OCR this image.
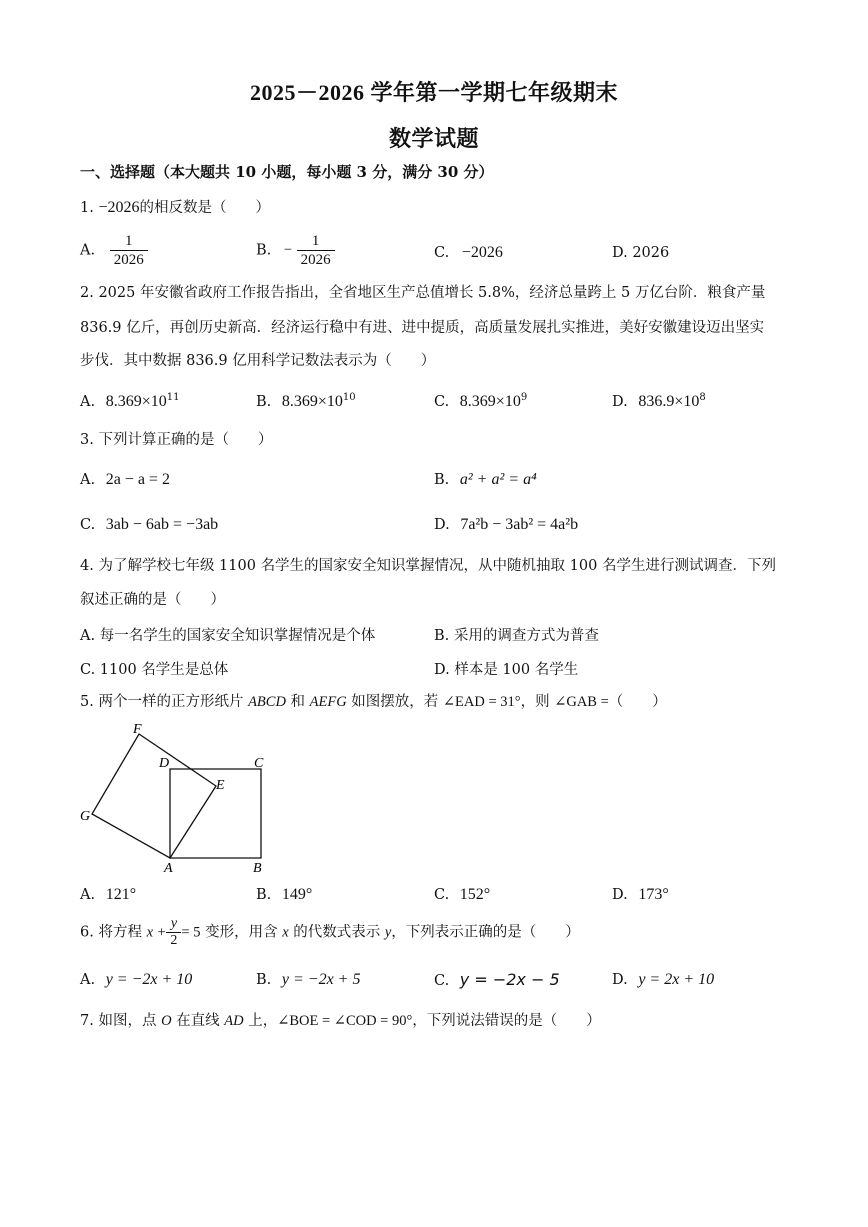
2025－2026 学年第一学期七年级期末
数学试题
一、选择题（本大题共 10 小题，每小题 3 分，满分 30 分）
1. −2026的相反数是（　　）
A. $\frac{1}{2026}$	B. − $\frac{1}{2026}$	C. −2026	D. 2026
2. 2025 年安徽省政府工作报告指出，全省地区生产总值增长 5.8%，经济总量跨上 5 万亿台阶．粮食产量
836.9 亿斤，再创历史新高．经济运行稳中有进、进中提质，高质量发展扎实推进，美好安徽建设迈出坚实
步伐．其中数据 836.9 亿用科学记数法表示为（　　）
A. $8.369\times 10^{11}$	B. $8.369\times 10^{10}$	C. $8.369\times 10^9$	D. $836.9\times 10^8$
3. 下列计算正确的是（　　）
A. 2a − a = 2	B. a² + a² = a⁴
C. 3ab − 6ab = −3ab	D. 7a²b − 3ab² = 4a²b
4. 为了解学校七年级 1100 名学生的国家安全知识掌握情况，从中随机抽取 100 名学生进行测试调查．下列
叙述正确的是（　　）
A. 每一名学生的国家安全知识掌握情况是个体	B. 采用的调查方式为普查
C. 1100 名学生是总体	D. 样本是 100 名学生
5. 两个一样的正方形纸片 ABCD 和 AEFG 如图摆放，若 ∠EAD = 31°，则 ∠GAB =（　　）
F
D	C
E
G
A	B
A. 121°	B. 149°	C. 152°	D. 173°
6. 将方程 $x + \frac{y}{2} = 5$ 变形，用含 x 的代数式表示 y，下列表示正确的是（　　）
A. y = −2x + 10	B. y = −2x + 5	C. y = −2x − 5	D. y = 2x + 10
7. 如图，点 O 在直线 AD 上，∠BOE = ∠COD = 90°，下列说法错误的是（　　）
